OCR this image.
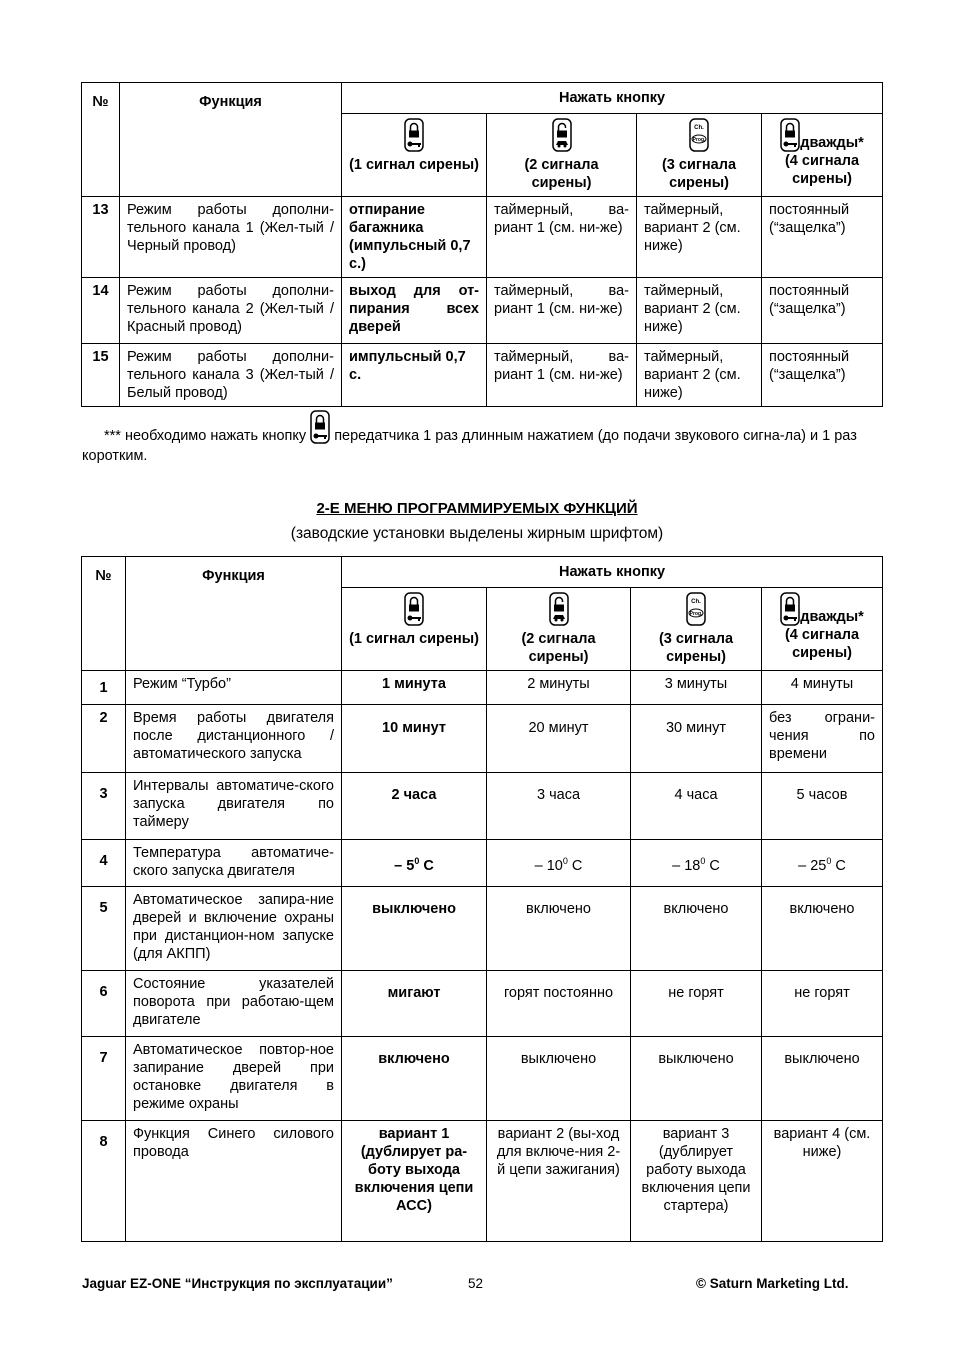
№	Функция	Нажать кнопку			

(1 сигнал сирены)	(2 сигнала сирены)	Ch.
Prog.
(3 сигнала сирены)	дважды*
(4 сигнала сирены)
13	Режим работы дополни-тельного канала 1 (Жел-тый / Черный провод)	отпирание багажника (импульсный 0,7 с.)	таймерный, ва-риант 1 (см. ни-же)	таймерный, вариант 2 (см. ниже)	постоянный (“защелка”)
14	Режим работы дополни-тельного канала 2 (Жел-тый / Красный провод)	выход для от-пирания всех дверей	таймерный, ва-риант 1 (см. ни-же)	таймерный, вариант 2 (см. ниже)	постоянный (“защелка”)
15	Режим работы дополни-тельного канала 3 (Жел-тый / Белый провод)	импульсный 0,7 с.	таймерный, ва-риант 1 (см. ни-же)	таймерный, вариант 2 (см. ниже)	постоянный (“защелка”)
*** необходимо нажать кнопку передатчика 1 раз длинным нажатием (до подачи звукового сигна-ла) и 1 раз коротким.
2-Е МЕНЮ ПРОГРАММИРУЕМЫХ ФУНКЦИЙ
(заводские установки выделены жирным шрифтом)
№	Функция	Нажать кнопку			

(1 сигнал сирены)	(2 сигнала сирены)	Ch.
Prog.
(3 сигнала сирены)	дважды*
(4 сигнала сирены)
1	Режим “Турбо”	1 минута	2 минуты	3 минуты	4 минуты
2	Время работы двигателя после дистанционного / автоматического запуска	10 минут	20 минут	30 минут	без ограни-чения по времени
3	Интервалы автоматиче-ского запуска двигателя по таймеру	2 часа	3 часа	4 часа	5 часов
4	Температура автоматиче-ского запуска двигателя	– $5^0$ С	– $10^0$ С	– $18^0$ С	– $25^0$ С
5	Автоматическое запира-ние дверей и включение охраны при дистанцион-ном запуске (для АКПП)	выключено	включено	включено	включено
6	Состояние указателей поворота при работаю-щем двигателе	мигают	горят постоянно	не горят	не горят
7	Автоматическое повтор-ное запирание дверей при остановке двигателя в режиме охраны	включено	выключено	выключено	выключено
8	Функция Синего силового провода	вариант 1 (дублирует ра-боту выхода включения цепи АСС)	вариант 2 (вы-ход для включе-ния 2-й цепи зажигания)	вариант 3 (дублирует работу выхода включения цепи стартера)	вариант 4 (см. ниже)
Jaguar EZ-ONE “Инструкция по эксплуатации”	52	© Saturn Marketing Ltd.
